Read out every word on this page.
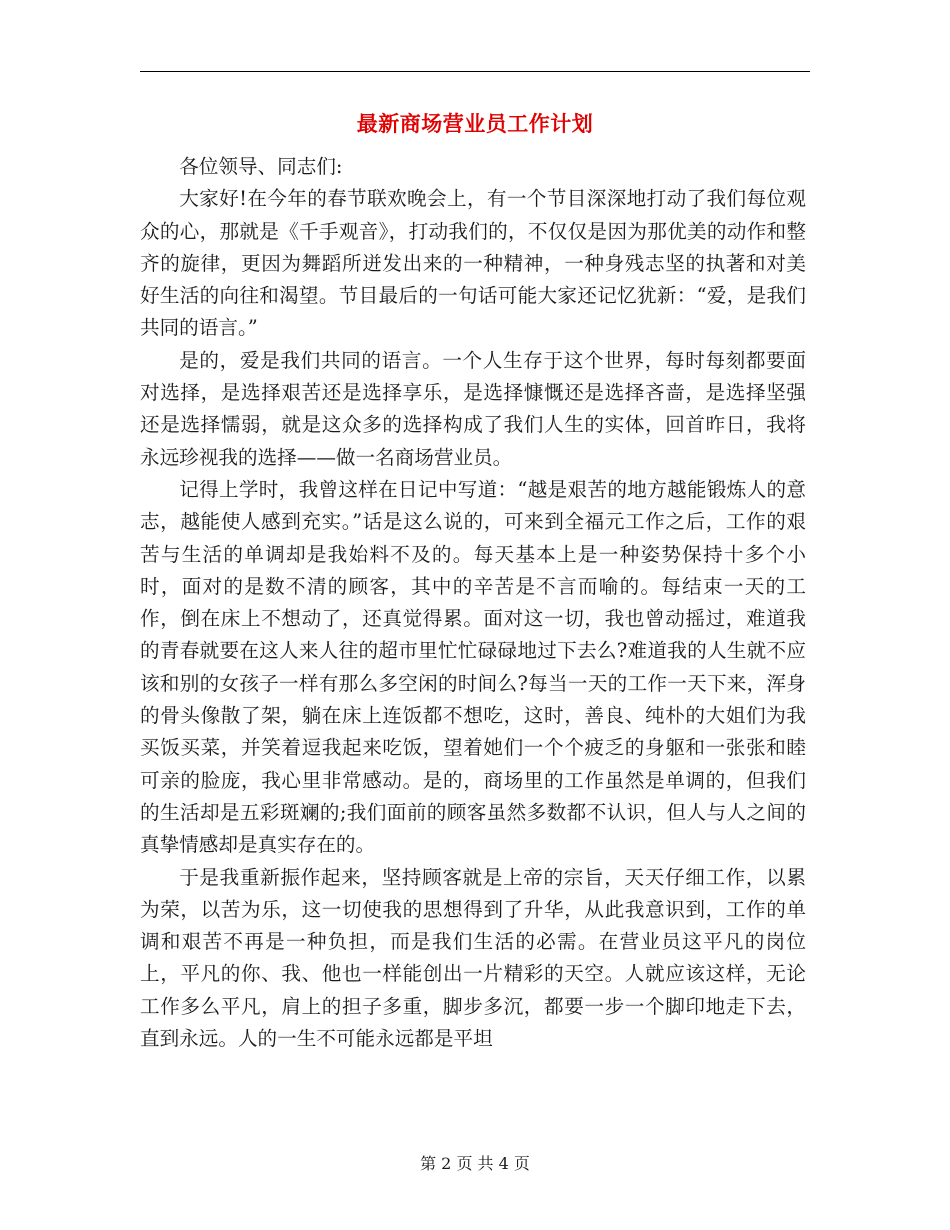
最新商场营业员工作计划

各位领导、同志们:

大家好!在今年的春节联欢晚会上，有一个节目深深地打动了我们每位观众的心，那就是《千手观音》，打动我们的，不仅仅是因为那优美的动作和整齐的旋律，更因为舞蹈所迸发出来的一种精神，一种身残志坚的执著和对美好生活的向往和渴望。节目最后的一句话可能大家还记忆犹新：“爱，是我们共同的语言。”

是的，爱是我们共同的语言。一个人生存于这个世界，每时每刻都要面对选择，是选择艰苦还是选择享乐，是选择慷慨还是选择吝啬，是选择坚强还是选择懦弱，就是这众多的选择构成了我们人生的实体，回首昨日，我将永远珍视我的选择——做一名商场营业员。

记得上学时，我曾这样在日记中写道：“越是艰苦的地方越能锻炼人的意志，越能使人感到充实。”话是这么说的，可来到全福元工作之后，工作的艰苦与生活的单调却是我始料不及的。每天基本上是一种姿势保持十多个小时，面对的是数不清的顾客，其中的辛苦是不言而喻的。每结束一天的工作，倒在床上不想动了，还真觉得累。面对这一切，我也曾动摇过，难道我的青春就要在这人来人往的超市里忙忙碌碌地过下去么?难道我的人生就不应该和别的女孩子一样有那么多空闲的时间么?每当一天的工作一天下来，浑身的骨头像散了架，躺在床上连饭都不想吃，这时，善良、纯朴的大姐们为我买饭买菜，并笑着逗我起来吃饭，望着她们一个个疲乏的身躯和一张张和睦可亲的脸庞，我心里非常感动。是的，商场里的工作虽然是单调的，但我们的生活却是五彩斑斓的;我们面前的顾客虽然多数都不认识，但人与人之间的真挚情感却是真实存在的。

于是我重新振作起来，坚持顾客就是上帝的宗旨，天天仔细工作，以累为荣，以苦为乐，这一切使我的思想得到了升华，从此我意识到，工作的单调和艰苦不再是一种负担，而是我们生活的必需。在营业员这平凡的岗位上，平凡的你、我、他也一样能创出一片精彩的天空。人就应该这样，无论工作多么平凡，肩上的担子多重，脚步多沉，都要一步一个脚印地走下去，直到永远。人的一生不可能永远都是平坦

第 2 页 共 4 页
